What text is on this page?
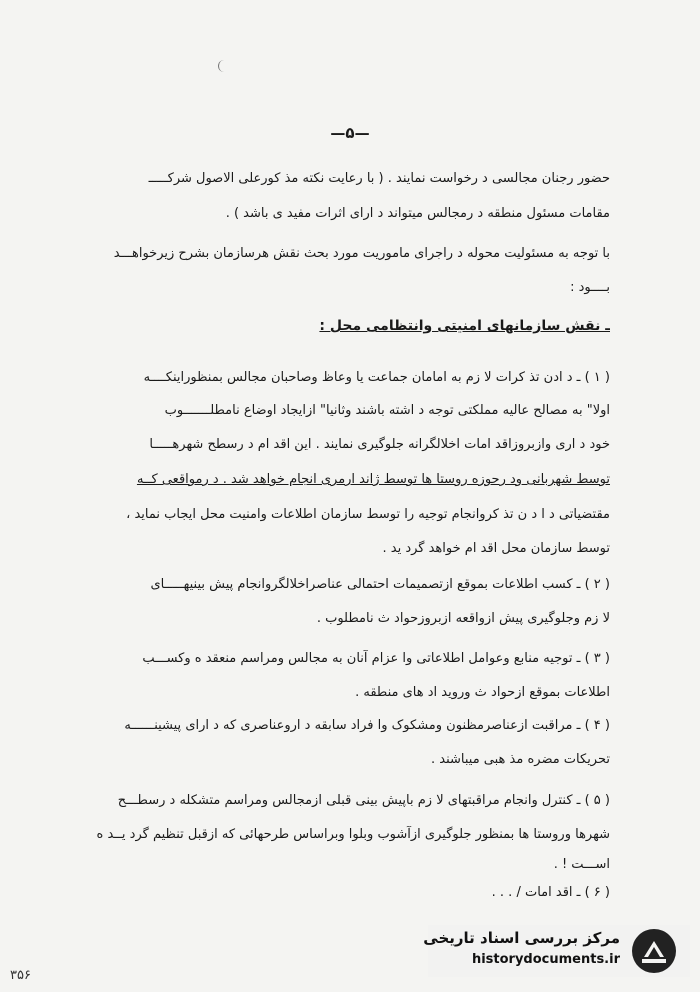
—۵—
حضور رجنان مجالسی د رخواست نمایند . ( با رعایت نکته مذ کورعلی الاصول شرکـــــ
مقامات مسئول منطقه د رمجالس میتواند د ارای اثرات مفید ی باشد ) .
با توجه به مسئولیت محوله د راجرای ماموریت مورد بحث نقش هرسازمان بشرح زیرخواهـــد
بــــود :
ـ نقش سازمانهای امنیتی وانتظامی محل :
( ۱ ) ـ د ادن تذ کرات لا زم به امامان جماعت یا وعاظ وصاحبان مجالس بمنظوراینکــــه
اولا" به مصالح عالیه مملکتی توجه د اشته باشند وثانیا" ازایجاد اوضاع نامطلـــــــوب
خود د اری وازبروزاقد امات اخلالگرانه جلوگیری نمایند . این اقد ام د رسطح شهرهـــــا
توسط شهربانی ود رحوزه روستا ها توسط ژاند ارمری انجام خواهد شد . د رمواقعی کــه
مقتضیاتی د ا د ن تذ کروانجام توجیه را توسط سازمان اطلاعات وامنیت محل ایجاب نماید ،
توسط سازمان محل اقد ام خواهد گرد ید .
( ۲ ) ـ کسب اطلاعات بموقع ازتصمیمات احتمالی عناصراخلالگروانجام پیش بینیهـــــای
لا زم وجلوگیری پیش ازواقعه ازبروزحواد ث نامطلوب .
( ۳ ) ـ توجیه منابع وعوامل اطلاعاتی وا عزام آنان به مجالس ومراسم منعقد ه وکســـب
اطلاعات بموقع ازحواد ث وروید اد های منطقه .
( ۴ ) ـ مراقبت ازعناصرمظنون ومشکوک وا فراد سابقه د اروعناصری که د ارای پیشینــــــه
تحریکات مضره مذ هبی میباشند .
( ۵ ) ـ کنترل وانجام مراقبتهای لا زم باپیش بینی قبلی ازمجالس ومراسم متشکله د رسطـــح
شهرها وروستا ها بمنظور جلوگیری ازآشوب وبلوا وبراساس طرحهائی که ازقبل تنظیم گرد یــد ه
اســـت ! .
( ۶ ) ـ اقد امات / . . .
مرکز بررسی اسناد تاریخی
historydocuments.ir
۳۵۶
